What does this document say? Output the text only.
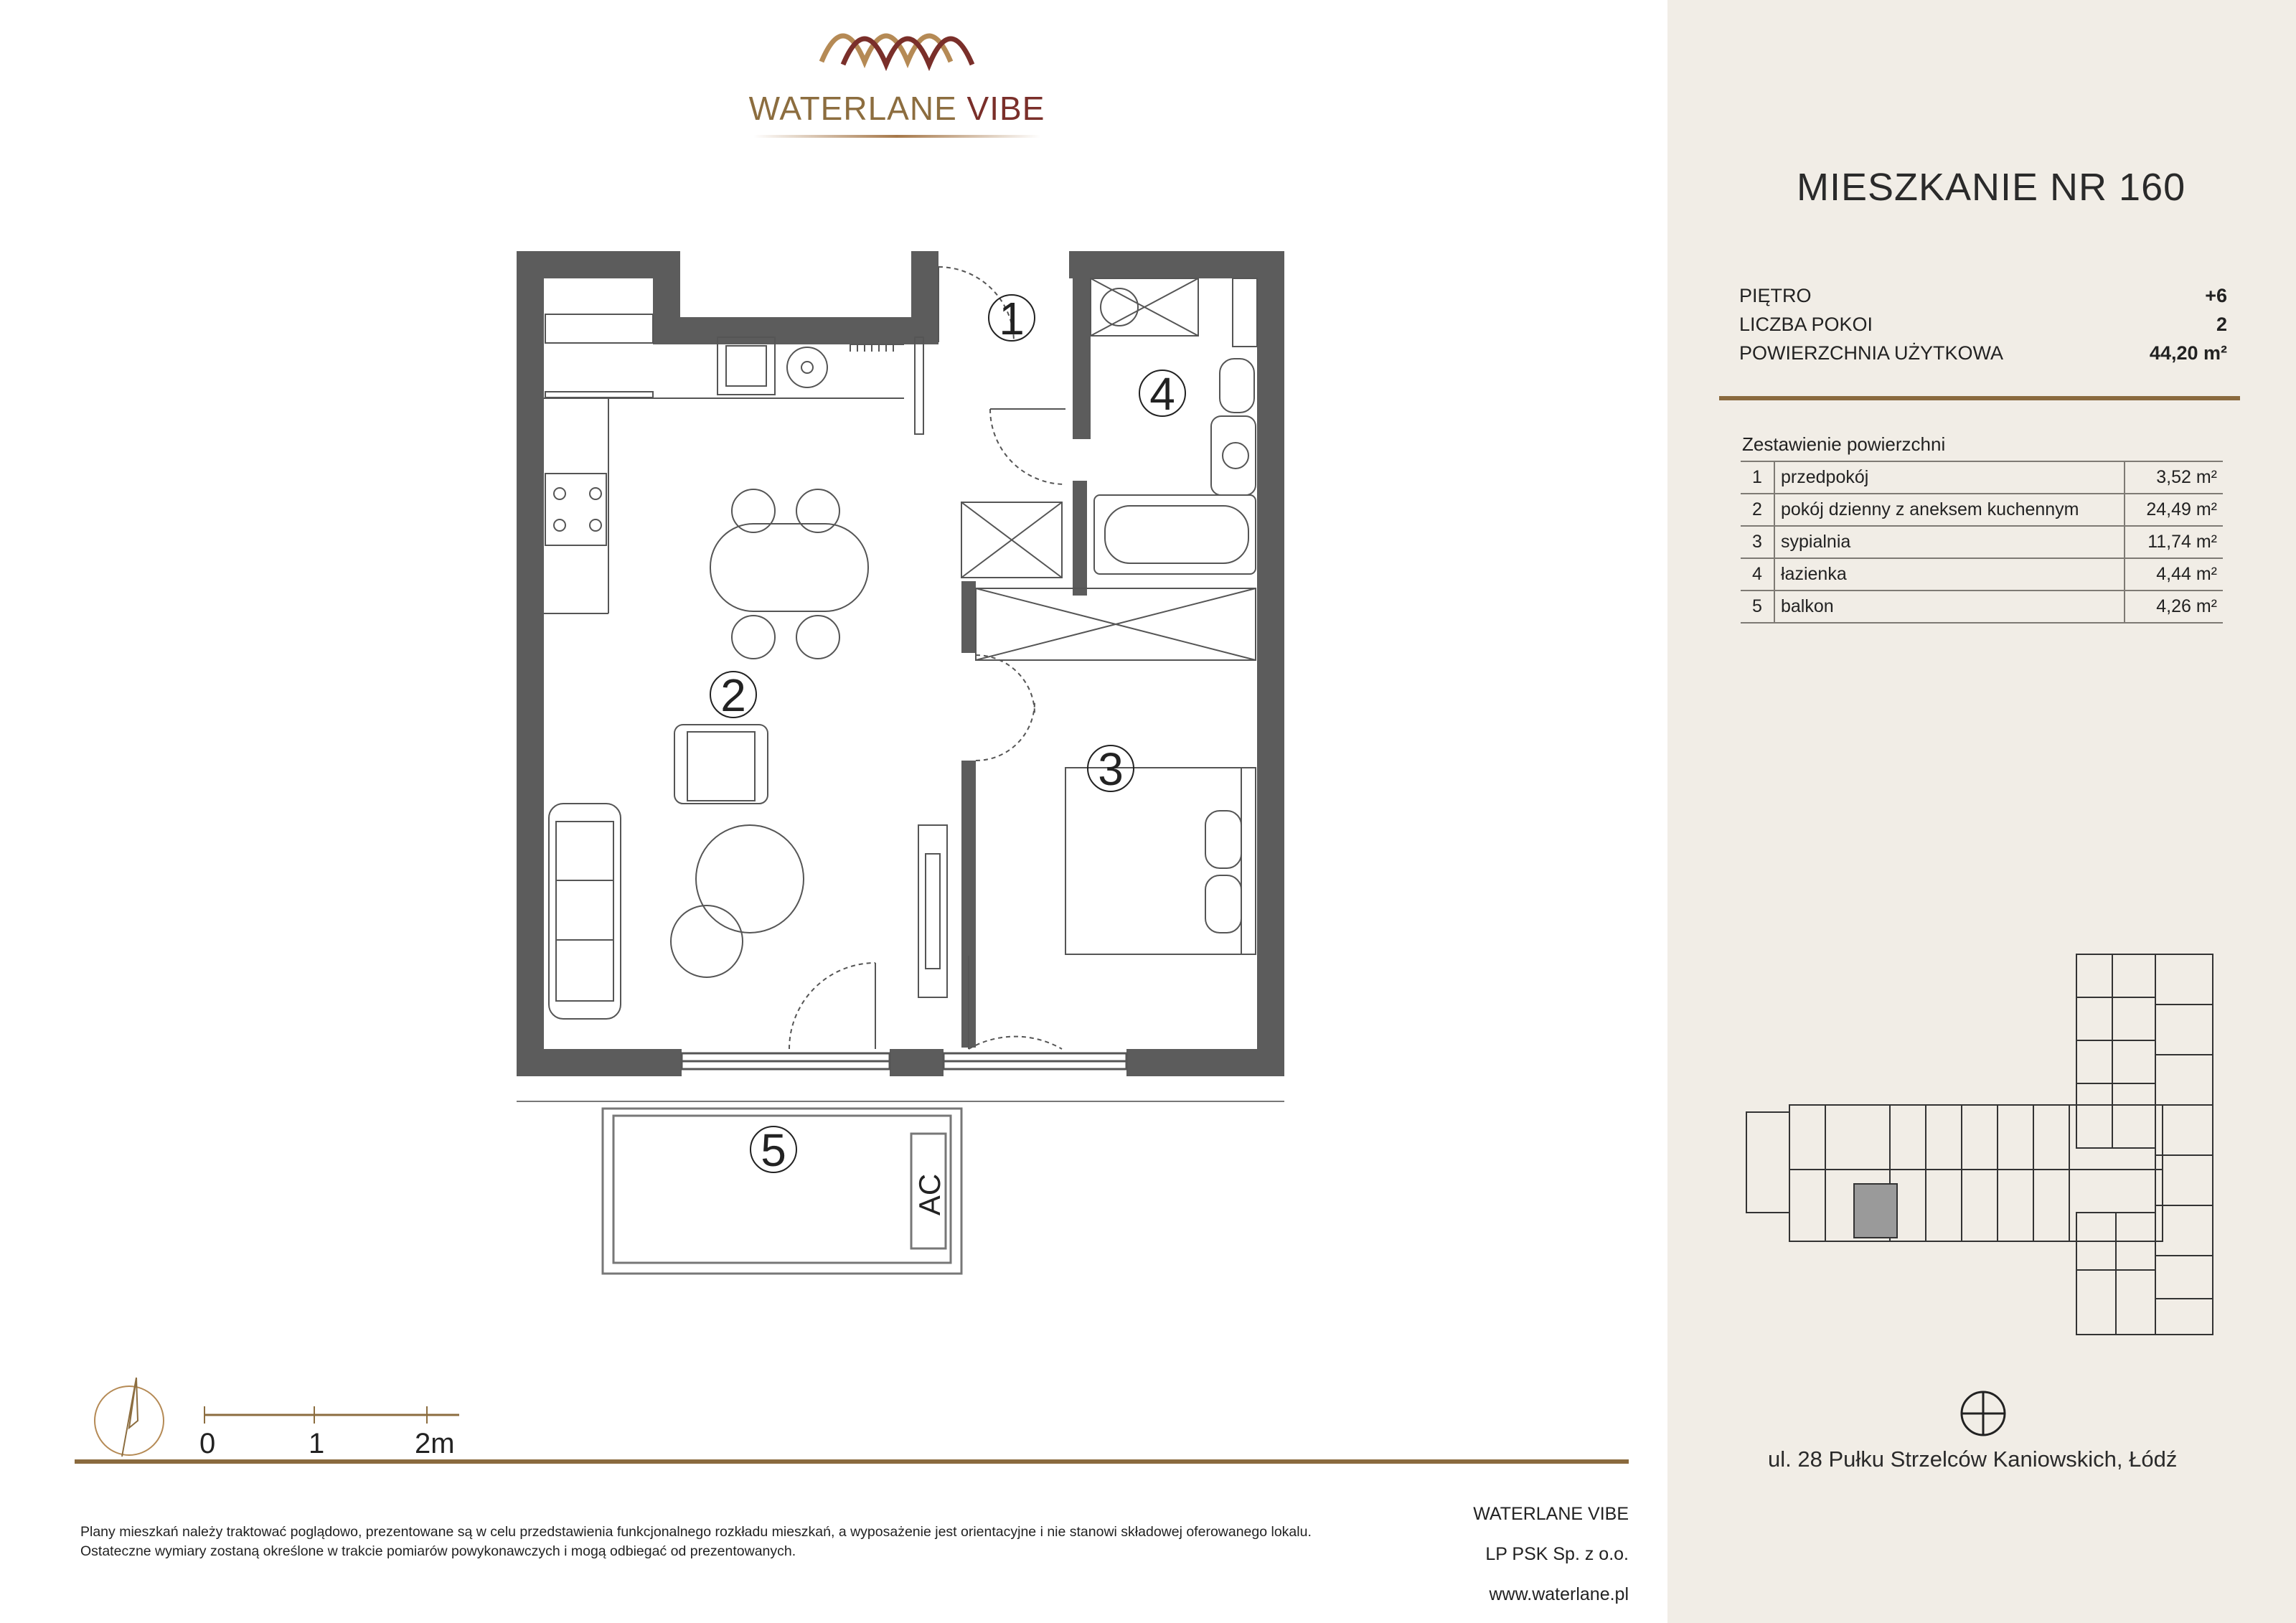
WATERLANE VIBE
1
2
3
4
5
AC
0	1	2m
Plany mieszkań należy traktować poglądowo, prezentowane są w celu przedstawienia funkcjonalnego rozkładu mieszkań, a wyposażenie jest orientacyjne i nie stanowi składowej oferowanego lokalu.
Ostateczne wymiary zostaną określone w trakcie pomiarów powykonawczych i mogą odbiegać od prezentowanych.
WATERLANE VIBE
LP PSK Sp. z o.o.
www.waterlane.pl
MIESZKANIE NR 160
PIĘTRO	+6
LICZBA POKOI	2
POWIERZCHNIA UŻYTKOWA	44,20 m²
Zestawienie powierzchni
1	przedpokój	3,52 m²
2	pokój dzienny z aneksem kuchennym	24,49 m²
3	sypialnia	11,74 m²
4	łazienka	4,44 m²
5	balkon	4,26 m²
ul. 28 Pułku Strzelców Kaniowskich, Łódź
